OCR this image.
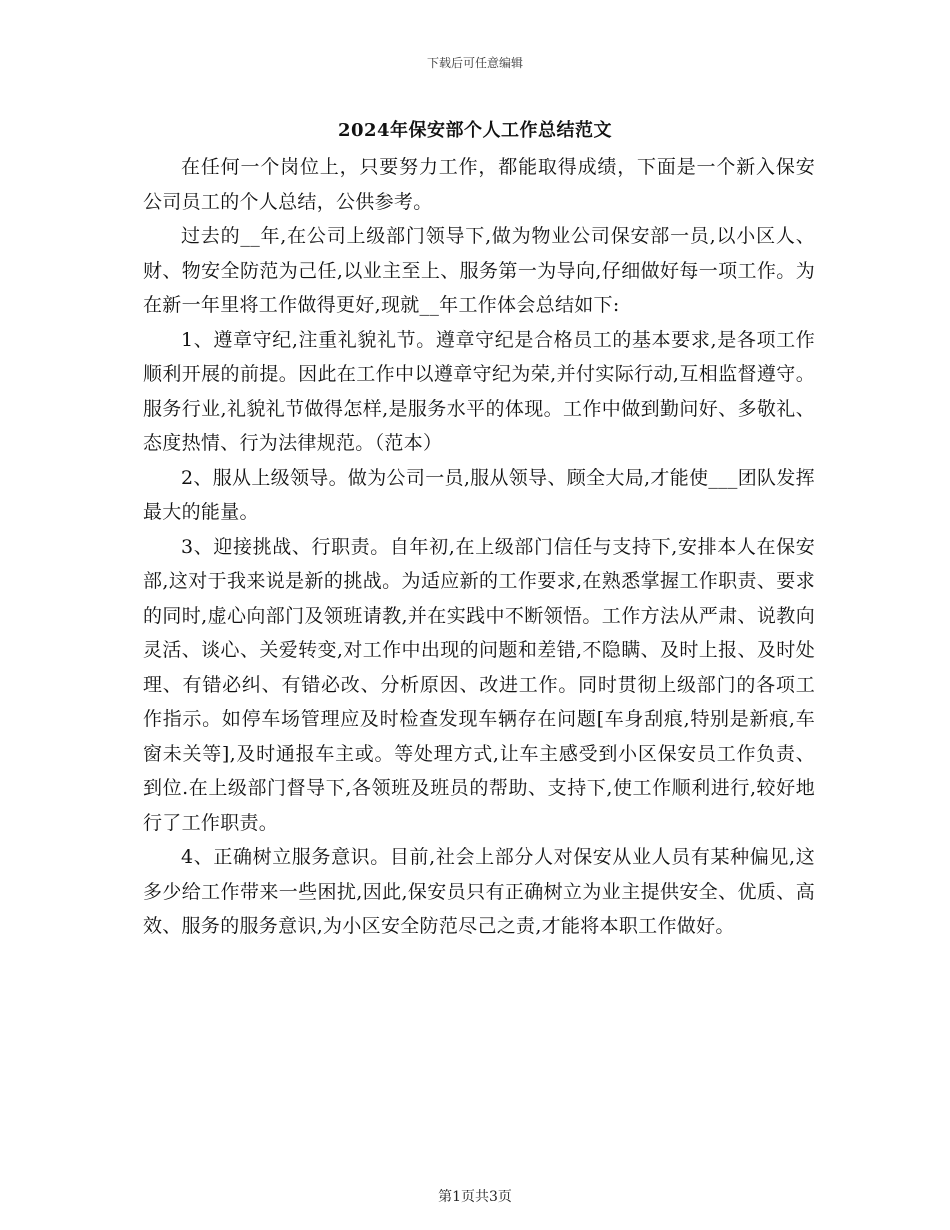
下载后可任意编辑
2024年保安部个人工作总结范文

在任何一个岗位上，只要努力工作，都能取得成绩，下面是一个新入保安公司员工的个人总结，公供参考。

过去的__年,在公司上级部门领导下,做为物业公司保安部一员,以小区人、财、物安全防范为己任,以业主至上、服务第一为导向,仔细做好每一项工作。为在新一年里将工作做得更好,现就__年工作体会总结如下:

1、遵章守纪,注重礼貌礼节。遵章守纪是合格员工的基本要求,是各项工作顺利开展的前提。因此在工作中以遵章守纪为荣,并付实际行动,互相监督遵守。服务行业,礼貌礼节做得怎样,是服务水平的体现。工作中做到勤问好、多敬礼、态度热情、行为法律规范。（范本）

2、服从上级领导。做为公司一员,服从领导、顾全大局,才能使___团队发挥最大的能量。

3、迎接挑战、行职责。自年初,在上级部门信任与支持下,安排本人在保安部,这对于我来说是新的挑战。为适应新的工作要求,在熟悉掌握工作职责、要求的同时,虚心向部门及领班请教,并在实践中不断领悟。工作方法从严肃、说教向灵活、谈心、关爱转变,对工作中出现的问题和差错,不隐瞒、及时上报、及时处理、有错必纠、有错必改、分析原因、改进工作。同时贯彻上级部门的各项工作指示。如停车场管理应及时检查发现车辆存在问题[车身刮痕,特别是新痕,车窗未关等],及时通报车主或。等处理方式,让车主感受到小区保安员工作负责、到位.在上级部门督导下,各领班及班员的帮助、支持下,使工作顺利进行,较好地行了工作职责。

4、正确树立服务意识。目前,社会上部分人对保安从业人员有某种偏见,这多少给工作带来一些困扰,因此,保安员只有正确树立为业主提供安全、优质、高效、服务的服务意识,为小区安全防范尽己之责,才能将本职工作做好。

第1页共3页
